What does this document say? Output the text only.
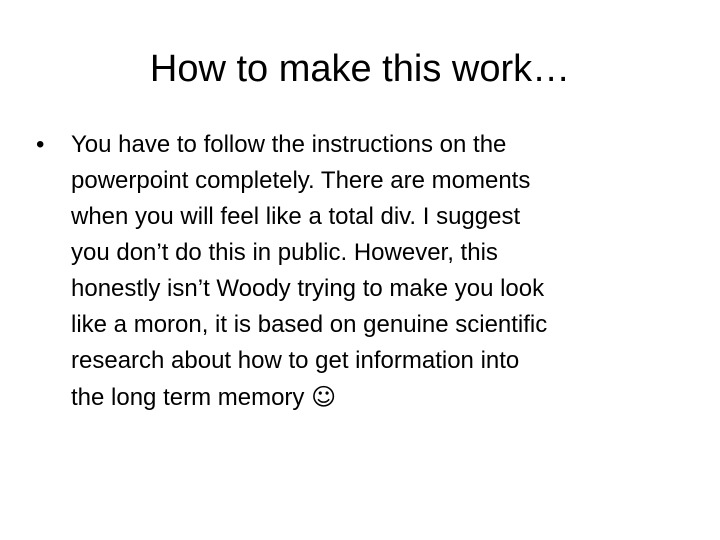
How to make this work…
•	You have to follow the instructions on the
powerpoint completely. There are moments
when you will feel like a total div. I suggest
you don’t do this in public. However, this
honestly isn’t Woody trying to make you look
like a moron, it is based on genuine scientific
research about how to get information into
the long term memory ☺
